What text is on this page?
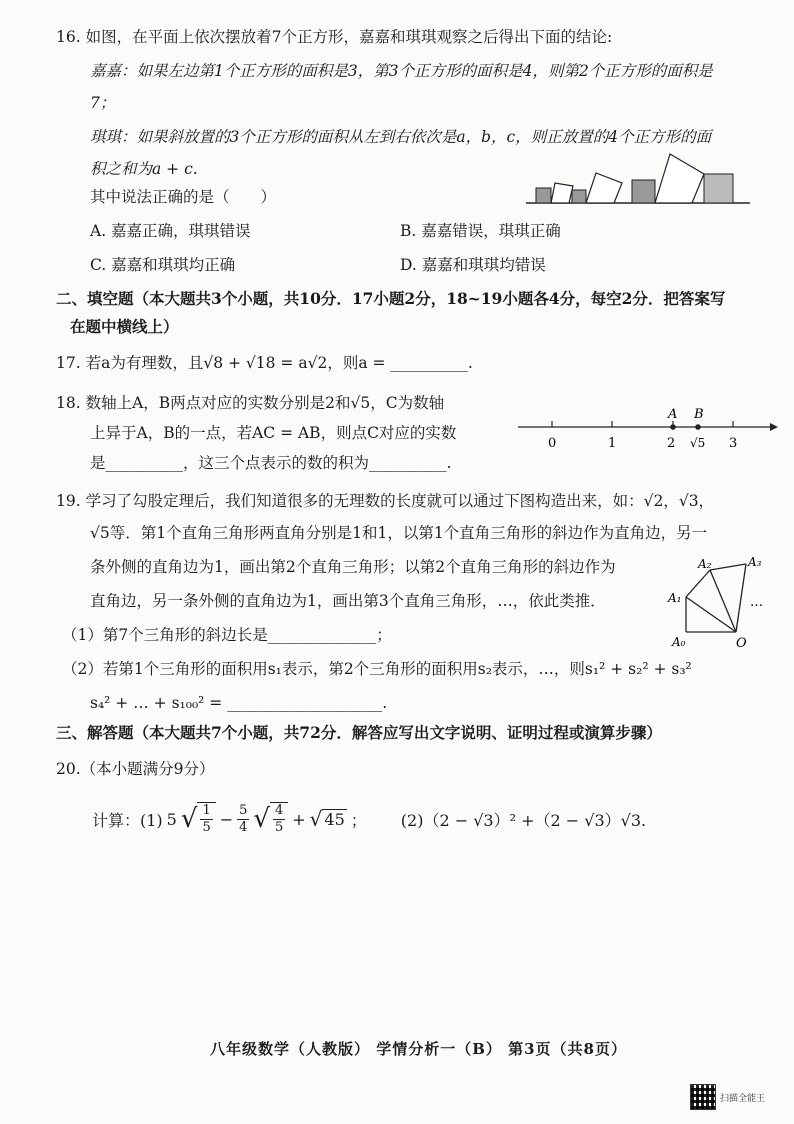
16. 如图，在平面上依次摆放着7个正方形，嘉嘉和琪琪观察之后得出下面的结论:
嘉嘉：如果左边第1个正方形的面积是3，第3个正方形的面积是4，则第2个正方形的面积是
7；
琪琪：如果斜放置的3个正方形的面积从左到右依次是a，b，c，则正放置的4个正方形的面
积之和为a + c.
其中说法正确的是（　　）
A. 嘉嘉正确，琪琪错误	B. 嘉嘉错误，琪琪正确
C. 嘉嘉和琪琪均正确	D. 嘉嘉和琪琪均错误
二、填空题（本大题共3个小题，共10分．17小题2分，18~19小题各4分，每空2分．把答案写
在题中横线上）
17. 若a为有理数，且√8 + √18 = a√2，则a = __________.
18. 数轴上A，B两点对应的实数分别是2和√5，C为数轴
上异于A，B的一点，若AC = AB，则点C对应的实数
是__________，这三个点表示的数的积为__________.
0	1	2	3
√5
A B
19. 学习了勾股定理后，我们知道很多的无理数的长度就可以通过下图构造出来，如：√2，√3，
√5等．第1个直角三角形两直角分别是1和1，以第1个直角三角形的斜边作为直角边，另一
条外侧的直角边为1，画出第2个直角三角形；以第2个直角三角形的斜边作为
直角边，另一条外侧的直角边为1，画出第3个直角三角形，…，依此类推．
A₀
A₁
A₂	A₃
O
…
（1）第7个三角形的斜边长是______________；
（2）若第1个三角形的面积用s₁表示，第2个三角形的面积用s₂表示，…，则s₁² + s₂² + s₃²
s₄² + … + s₁₀₀² = ____________________.
三、解答题（本大题共7个小题，共72分．解答应写出文字说明、证明过程或演算步骤）
20.（本小题满分9分）
计算：(1) 5 √ $\frac{1}{5} - \frac{5}{4}$ √ $\frac{4}{5}$ + √ 45 ； (2)（2 − √3）² +（2 − √3）√3.
八年级数学（人教版） 学情分析一（B） 第3页（共8页）
扫描全能王
